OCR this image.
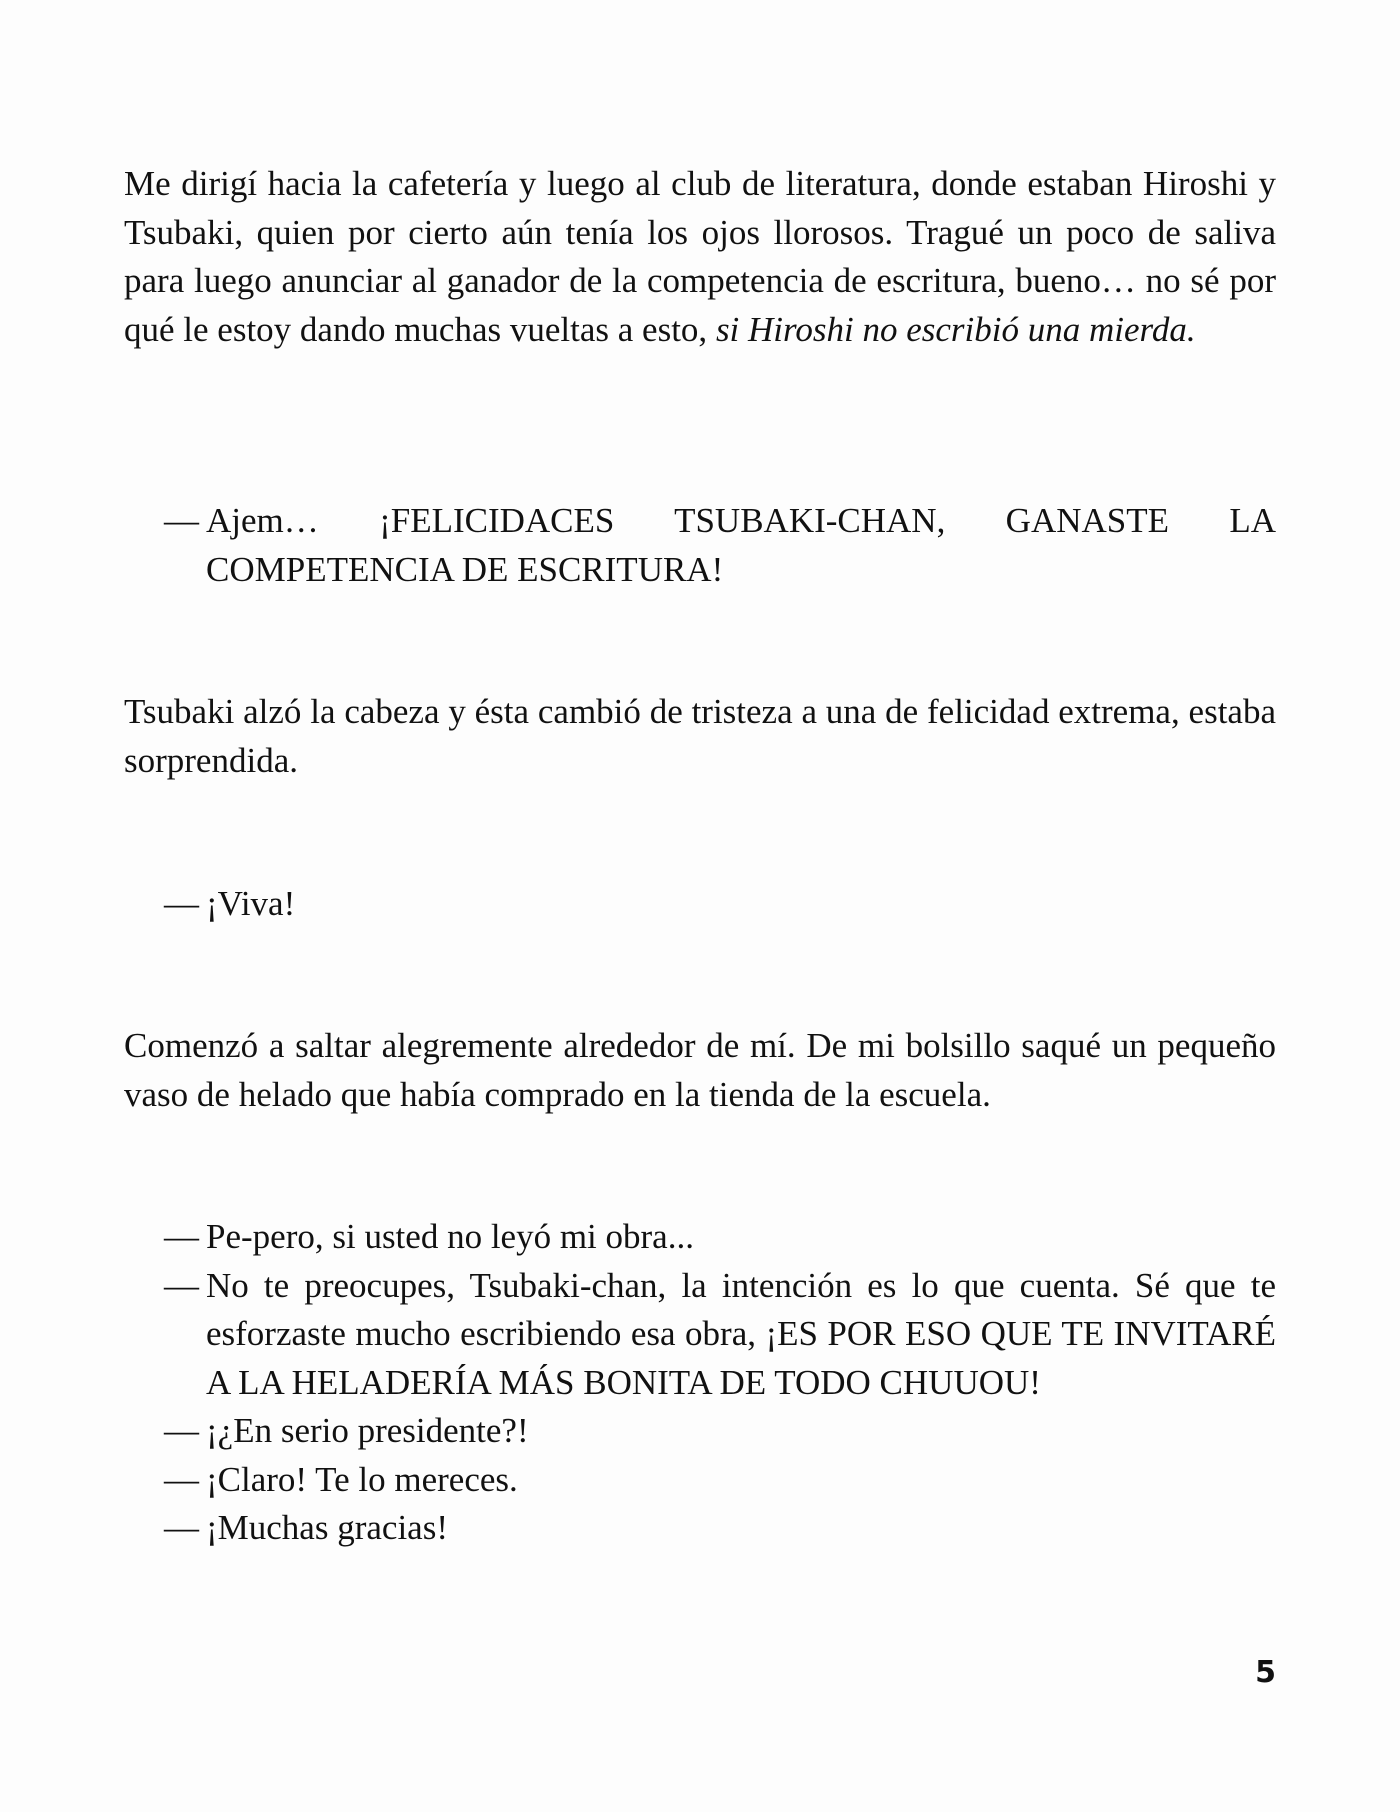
Me dirigí hacia la cafetería y luego al club de literatura, donde estaban Hiroshi y Tsubaki, quien por cierto aún tenía los ojos llorosos. Tragué un poco de saliva para luego anunciar al ganador de la competencia de escritura, bueno… no sé por qué le estoy dando muchas vueltas a esto, si Hiroshi no escribió una mierda.

—
Ajem… ¡FELICIDACES TSUBAKI-CHAN, GANASTE LA COMPETENCIA DE ESCRITURA!

Tsubaki alzó la cabeza y ésta cambió de tristeza a una de felicidad extrema, estaba sorprendida.

—
¡Viva!

Comenzó a saltar alegremente alrededor de mí. De mi bolsillo saqué un pequeño vaso de helado que había comprado en la tienda de la escuela.

—
Pe-pero, si usted no leyó mi obra...
—
No te preocupes, Tsubaki-chan, la intención es lo que cuenta. Sé que te esforzaste mucho escribiendo esa obra, ¡ES POR ESO QUE TE INVITARÉ A LA HELADERÍA MÁS BONITA DE TODO CHUUOU!
—
¡¿En serio presidente?!
—
¡Claro! Te lo mereces.
—
¡Muchas gracias!
5
